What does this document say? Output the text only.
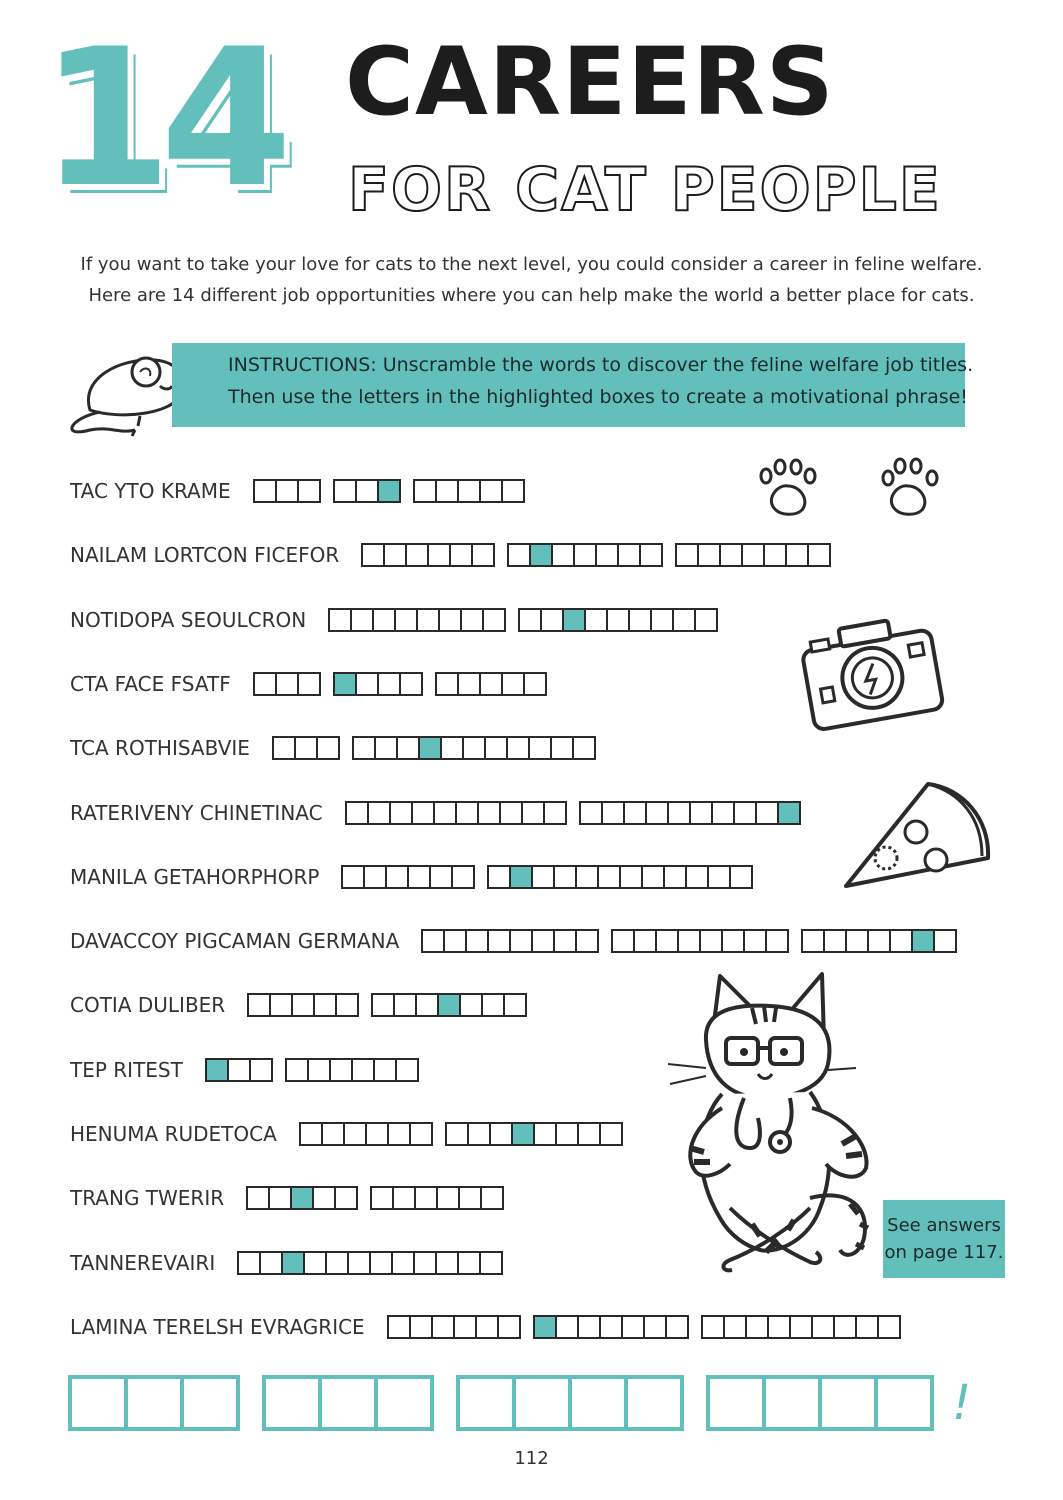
14 CAREERS
FOR CAT PEOPLE
If you want to take your love for cats to the next level, you could consider a career in feline welfare.
Here are 14 different job opportunities where you can help make the world a better place for cats.
INSTRUCTIONS: Unscramble the words to discover the feline welfare job titles.
Then use the letters in the highlighted boxes to create a motivational phrase!
TAC YTO KRAME
NAILAM LORTCON FICEFOR
NOTIDOPA SEOULCRON
CTA FACE FSATF
TCA ROTHISABVIE
RATERIVENY CHINETINAC
MANILA GETAHORPHORP
DAVACCOY PIGCAMAN GERMANA
COTIA DULIBER
TEP RITEST
HENUMA RUDETOCA
TRANG TWERIR
TANNEREVAIRI
LAMINA TERELSH EVRAGRICE
See answers
on page 117.
!
112
